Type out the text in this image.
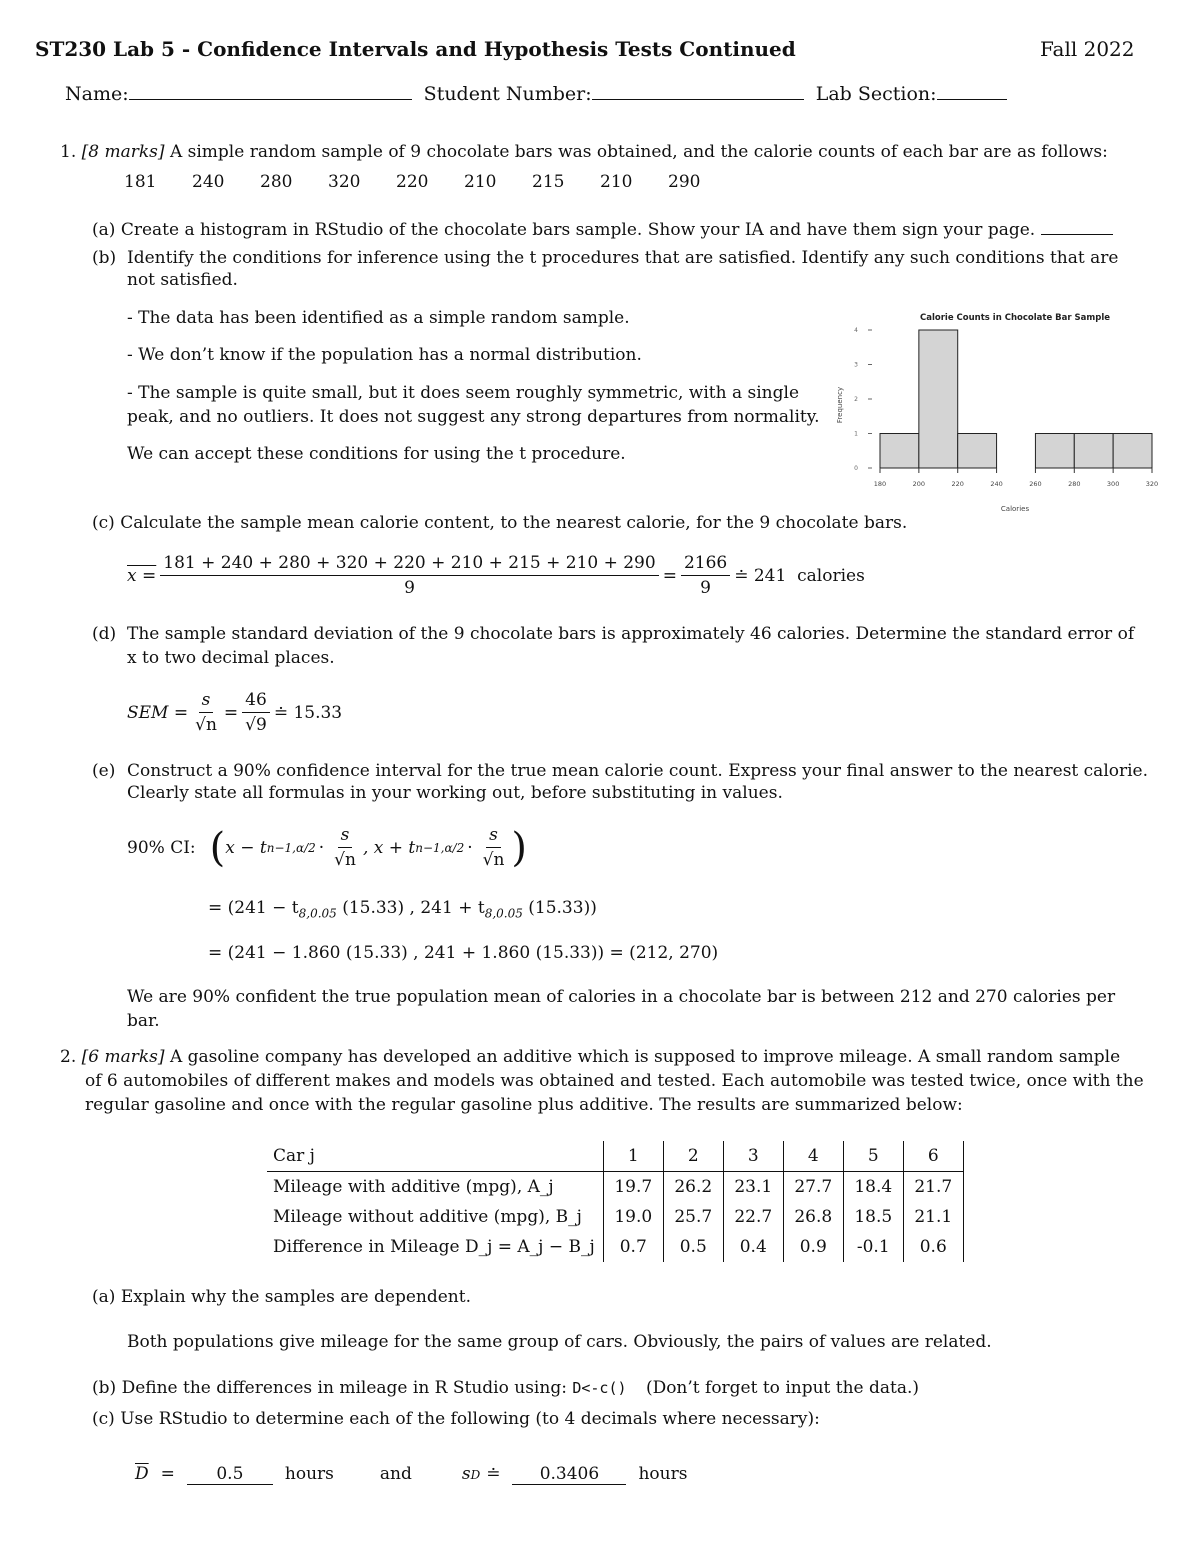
ST230 Lab 5 - Confidence Intervals and Hypothesis Tests Continued	Fall 2022
Name:	Student Number:	Lab Section:
1. [8 marks] A simple random sample of 9 chocolate bars was obtained, and the calorie counts of each bar are as follows:
181	240	280	320	220	210	215	210	290
(a) Create a histogram in RStudio of the chocolate bars sample. Show your IA and have them sign your page.
(b) Identify the conditions for inference using the t procedures that are satisfied. Identify any such conditions that are
not satisfied.
- The data has been identified as a simple random sample.
- We don’t know if the population has a normal distribution.
- The sample is quite small, but it does seem roughly symmetric, with a single
peak, and no outliers. It does not suggest any strong departures from normality.
We can accept these conditions for using the t procedure.
Calorie Counts in Chocolate Bar Sample
Calories
Frequency
180	200	220	240	260	280	300	320
0
1
2
3
4
(c) Calculate the sample mean calorie content, to the nearest calorie, for the 9 chocolate bars.
$x = \frac{181 + 240 + 280 + 320 + 220 + 210 + 215 + 210 + 290}{9} = \frac{2166}{9}$ ≐ 241  calories
(d) The sample standard deviation of the 9 chocolate bars is approximately 46 calories. Determine the standard error of
x to two decimal places.
SEM = $\frac{s}{√n} = \frac{46}{√9}$ ≐ 15.33
(e) Construct a 90% confidence interval for the true mean calorie count. Express your final answer to the nearest calorie.
Clearly state all formulas in your working out, before substituting in values.
90% CI: ( x − t $n-1,\alpha/2 \cdot \frac{s}{√n}$ , x + t $n-1,\alpha/2 \cdot \frac{s}{√n}$ )
= ($241 - t_{8,0.05}$ (15.33) , $241 + t_{8,0.05}$ (15.33))
= (241 − 1.860 (15.33) , 241 + 1.860 (15.33)) = (212, 270)
We are 90% confident the true population mean of calories in a chocolate bar is between 212 and 270 calories per
bar.
2. [6 marks] A gasoline company has developed an additive which is supposed to improve mileage. A small random sample
of 6 automobiles of different makes and models was obtained and tested. Each automobile was tested twice, once with the
regular gasoline and once with the regular gasoline plus additive. The results are summarized below:
Car j	1	2	3	4	5	6
Mileage with additive (mpg), A_j	19.7	26.2	23.1	27.7	18.4	21.7
Mileage without additive (mpg), B_j	19.0	25.7	22.7	26.8	18.5	21.1
Difference in Mileage D_j = A_j − B_j	0.7	0.5	0.4	0.9	-0.1	0.6
(a) Explain why the samples are dependent.
Both populations give mileage for the same group of cars. Obviously, the pairs of values are related.
(b) Define the differences in mileage in R Studio using: D<-c() (Don’t forget to input the data.)
(c) Use RStudio to determine each of the following (to 4 decimals where necessary):
$\overline{D}$ =	0.5	hours	and	s D ≐	0.3406	hours
